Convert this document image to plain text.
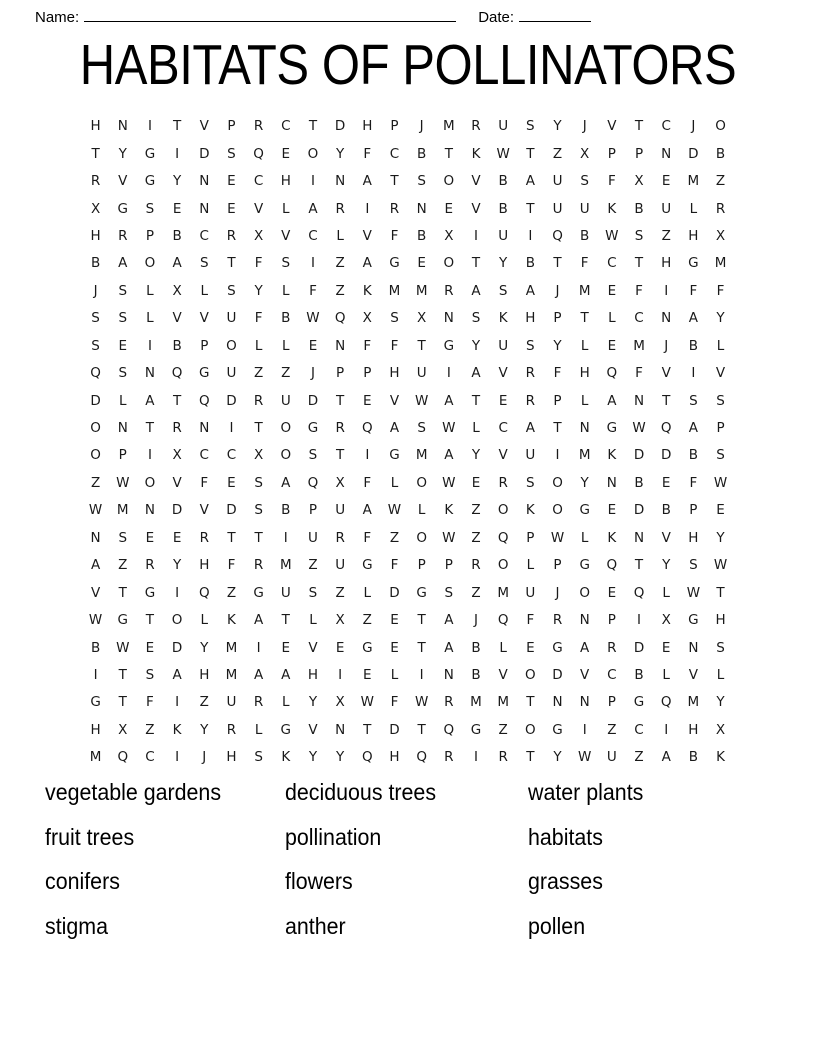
Name:	Date:
HABITATS OF POLLINATORS
H	N	I	T	V	P	R	C	T	D	H	P	J	M	R	U	S	Y	J	V	T	C	J	O
T	Y	G	I	D	S	Q	E	O	Y	F	C	B	T	K	W	T	Z	X	P	P	N	D	B
R	V	G	Y	N	E	C	H	I	N	A	T	S	O	V	B	A	U	S	F	X	E	M	Z
X	G	S	E	N	E	V	L	A	R	I	R	N	E	V	B	T	U	U	K	B	U	L	R
H	R	P	B	C	R	X	V	C	L	V	F	B	X	I	U	I	Q	B	W	S	Z	H	X
B	A	O	A	S	T	F	S	I	Z	A	G	E	O	T	Y	B	T	F	C	T	H	G	M
J	S	L	X	L	S	Y	L	F	Z	K	M	M	R	A	S	A	J	M	E	F	I	F	F
S	S	L	V	V	U	F	B	W	Q	X	S	X	N	S	K	H	P	T	L	C	N	A	Y
S	E	I	B	P	O	L	L	E	N	F	F	T	G	Y	U	S	Y	L	E	M	J	B	L
Q	S	N	Q	G	U	Z	Z	J	P	P	H	U	I	A	V	R	F	H	Q	F	V	I	V
D	L	A	T	Q	D	R	U	D	T	E	V	W	A	T	E	R	P	L	A	N	T	S	S
O	N	T	R	N	I	T	O	G	R	Q	A	S	W	L	C	A	T	N	G	W	Q	A	P
O	P	I	X	C	C	X	O	S	T	I	G	M	A	Y	V	U	I	M	K	D	D	B	S
Z	W	O	V	F	E	S	A	Q	X	F	L	O	W	E	R	S	O	Y	N	B	E	F	W
W	M	N	D	V	D	S	B	P	U	A	W	L	K	Z	O	K	O	G	E	D	B	P	E
N	S	E	E	R	T	T	I	U	R	F	Z	O	W	Z	Q	P	W	L	K	N	V	H	Y
A	Z	R	Y	H	F	R	M	Z	U	G	F	P	P	R	O	L	P	G	Q	T	Y	S	W
V	T	G	I	Q	Z	G	U	S	Z	L	D	G	S	Z	M	U	J	O	E	Q	L	W	T
W	G	T	O	L	K	A	T	L	X	Z	E	T	A	J	Q	F	R	N	P	I	X	G	H
B	W	E	D	Y	M	I	E	V	E	G	E	T	A	B	L	E	G	A	R	D	E	N	S
I	T	S	A	H	M	A	A	H	I	E	L	I	N	B	V	O	D	V	C	B	L	V	L
G	T	F	I	Z	U	R	L	Y	X	W	F	W	R	M	M	T	N	N	P	G	Q	M	Y
H	X	Z	K	Y	R	L	G	V	N	T	D	T	Q	G	Z	O	G	I	Z	C	I	H	X
M	Q	C	I	J	H	S	K	Y	Y	Q	H	Q	R	I	R	T	Y	W	U	Z	A	B	K
vegetable gardens	deciduous trees	water plants
fruit trees	pollination	habitats
conifers	flowers	grasses
stigma	anther	pollen
